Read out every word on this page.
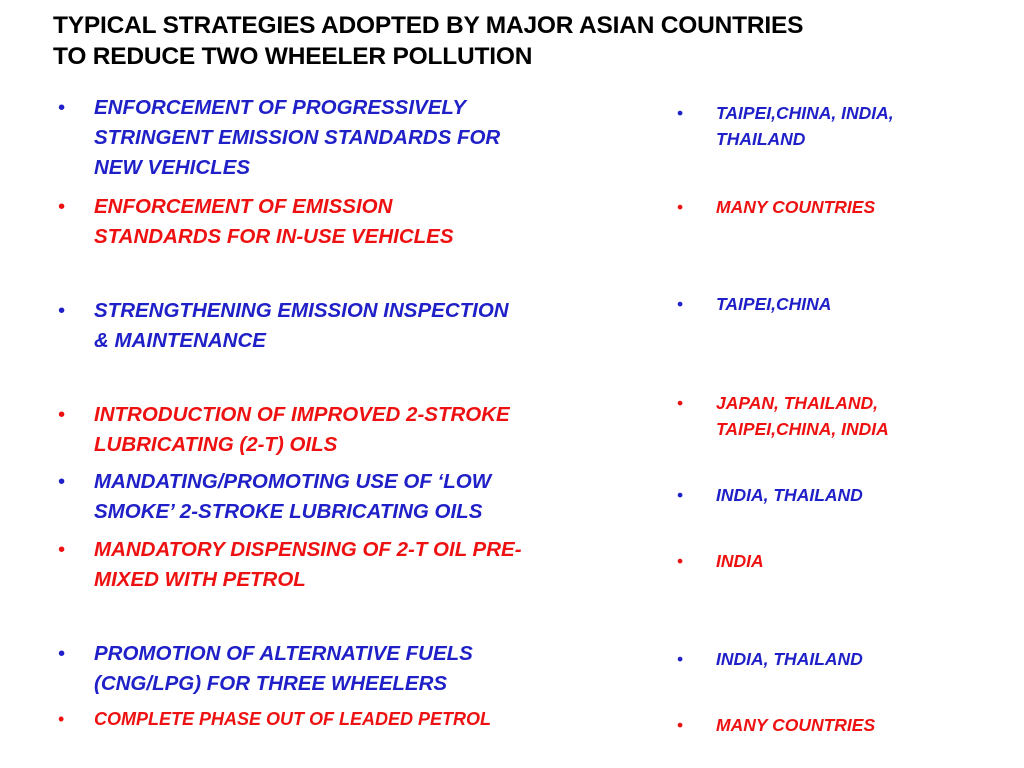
TYPICAL STRATEGIES ADOPTED BY MAJOR ASIAN COUNTRIES
TO REDUCE TWO WHEELER POLLUTION
• ENFORCEMENT OF PROGRESSIVELY
STRINGENT EMISSION STANDARDS FOR
NEW VEHICLES
• ENFORCEMENT OF EMISSION
STANDARDS FOR IN-USE VEHICLES
• STRENGTHENING EMISSION INSPECTION
& MAINTENANCE
• INTRODUCTION OF IMPROVED 2-STROKE
LUBRICATING (2-T) OILS
• MANDATING/PROMOTING USE OF ‘LOW
SMOKE’ 2-STROKE LUBRICATING OILS
• MANDATORY DISPENSING OF 2-T OIL PRE-
MIXED WITH PETROL
• PROMOTION OF ALTERNATIVE FUELS
(CNG/LPG) FOR THREE WHEELERS
• COMPLETE PHASE OUT OF LEADED PETROL
• TAIPEI,CHINA, INDIA,
THAILAND
• MANY COUNTRIES
• TAIPEI,CHINA
• JAPAN, THAILAND,
TAIPEI,CHINA, INDIA
• INDIA, THAILAND
• INDIA
• INDIA, THAILAND
• MANY COUNTRIES
